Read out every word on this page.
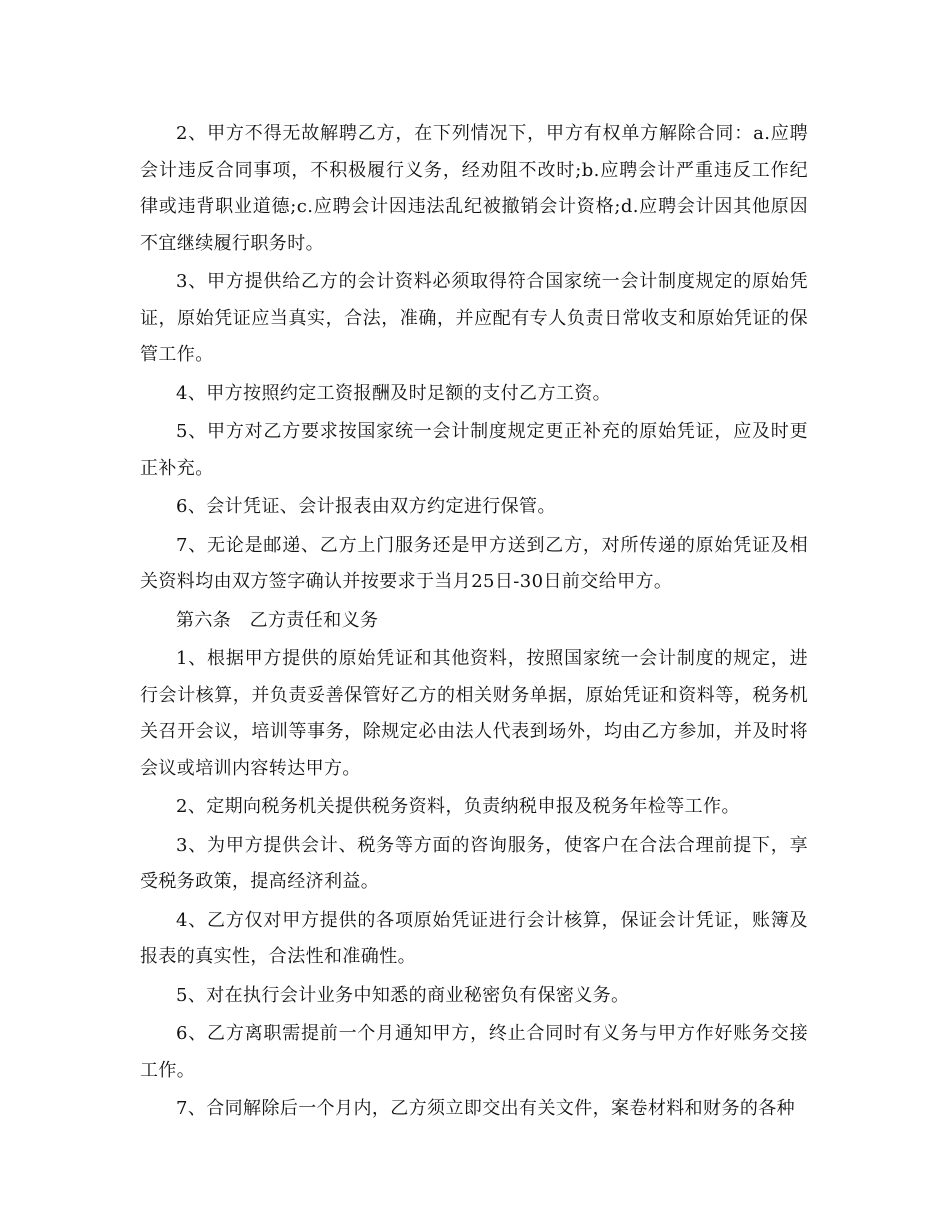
2、甲方不得无故解聘乙方，在下列情况下，甲方有权单方解除合同：a.应聘会计违反合同事项，不积极履行义务，经劝阻不改时;b.应聘会计严重违反工作纪律或违背职业道德;c.应聘会计因违法乱纪被撤销会计资格;d.应聘会计因其他原因不宜继续履行职务时。

3、甲方提供给乙方的会计资料必须取得符合国家统一会计制度规定的原始凭证，原始凭证应当真实，合法，准确，并应配有专人负责日常收支和原始凭证的保管工作。

4、甲方按照约定工资报酬及时足额的支付乙方工资。

5、甲方对乙方要求按国家统一会计制度规定更正补充的原始凭证，应及时更正补充。

6、会计凭证、会计报表由双方约定进行保管。

7、无论是邮递、乙方上门服务还是甲方送到乙方，对所传递的原始凭证及相关资料均由双方签字确认并按要求于当月25日-30日前交给甲方。

第六条　乙方责任和义务

1、根据甲方提供的原始凭证和其他资料，按照国家统一会计制度的规定，进行会计核算，并负责妥善保管好乙方的相关财务单据，原始凭证和资料等，税务机关召开会议，培训等事务，除规定必由法人代表到场外，均由乙方参加，并及时将会议或培训内容转达甲方。

2、定期向税务机关提供税务资料，负责纳税申报及税务年检等工作。

3、为甲方提供会计、税务等方面的咨询服务，使客户在合法合理前提下，享受税务政策，提高经济利益。

4、乙方仅对甲方提供的各项原始凭证进行会计核算，保证会计凭证，账簿及报表的真实性，合法性和准确性。

5、对在执行会计业务中知悉的商业秘密负有保密义务。

6、乙方离职需提前一个月通知甲方，终止合同时有义务与甲方作好账务交接工作。

7、合同解除后一个月内，乙方须立即交出有关文件，案卷材料和财务的各种
